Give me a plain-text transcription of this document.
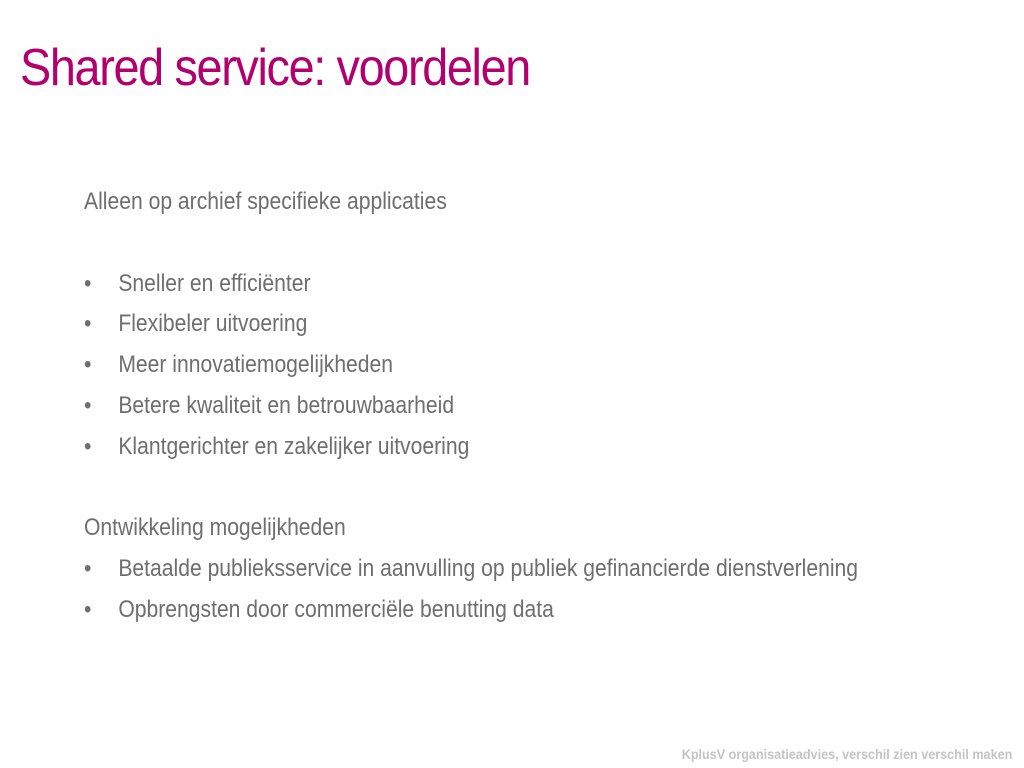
Shared service: voordelen
Alleen op archief specifieke applicaties
• Sneller en efficiënter
• Flexibeler uitvoering
• Meer innovatiemogelijkheden
• Betere kwaliteit en betrouwbaarheid
• Klantgerichter en zakelijker uitvoering
Ontwikkeling mogelijkheden
• Betaalde publieksservice in aanvulling op publiek gefinancierde dienstverlening
• Opbrengsten door commerciële benutting data
KplusV organisatieadvies, verschil zien verschil maken
